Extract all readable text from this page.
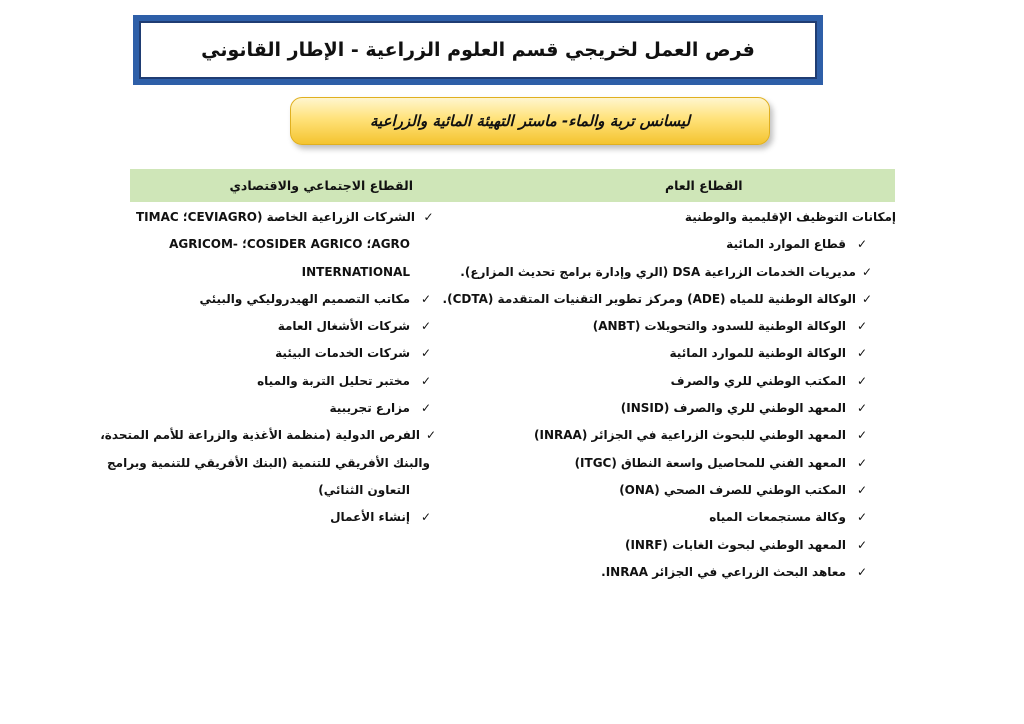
فرص العمل لخريجي قسم العلوم الزراعية - الإطار القانوني
ليسانس تربة والماء- ماستر التهيئة المائية والزراعية
القطاع العام
القطاع الاجتماعي والاقتصادي
إمكانات التوظيف الإقليمية والوطنية
✓
قطاع الموارد المائية
✓
مديريات الخدمات الزراعية DSA (الري وإدارة برامج تحديث المزارع).
✓
الوكالة الوطنية للمياه (ADE) ومركز تطوير التقنيات المتقدمة (CDTA).
✓
الوكالة الوطنية للسدود والتحويلات (ANBT)
✓
الوكالة الوطنية للموارد المائية
✓
المكتب الوطني للري والصرف
✓
المعهد الوطني للري والصرف (INSID)
✓
المعهد الوطني للبحوث الزراعية في الجزائر (INRAA)
✓
المعهد الفني للمحاصيل واسعة النطاق (ITGC)
✓
المكتب الوطني للصرف الصحي (ONA)
✓
وكالة مستجمعات المياه
✓
المعهد الوطني لبحوث الغابات (INRF)
✓
معاهد البحث الزراعي في الجزائر INRAA.
✓
الشركات الزراعية الخاصة (CEVIAGRO؛ TIMAC
AGRO؛ COSIDER AGRICO؛ -AGRICOM
INTERNATIONAL
✓
مكاتب التصميم الهيدروليكي والبيئي
✓
شركات الأشغال العامة
✓
شركات الخدمات البيئية
✓
مختبر تحليل التربة والمياه
✓
مزارع تجريبية
✓
الفرص الدولية (منظمة الأغذية والزراعة للأمم المتحدة،
والبنك الأفريقي للتنمية (البنك الأفريقي للتنمية وبرامج
التعاون الثنائي)
✓
إنشاء الأعمال
